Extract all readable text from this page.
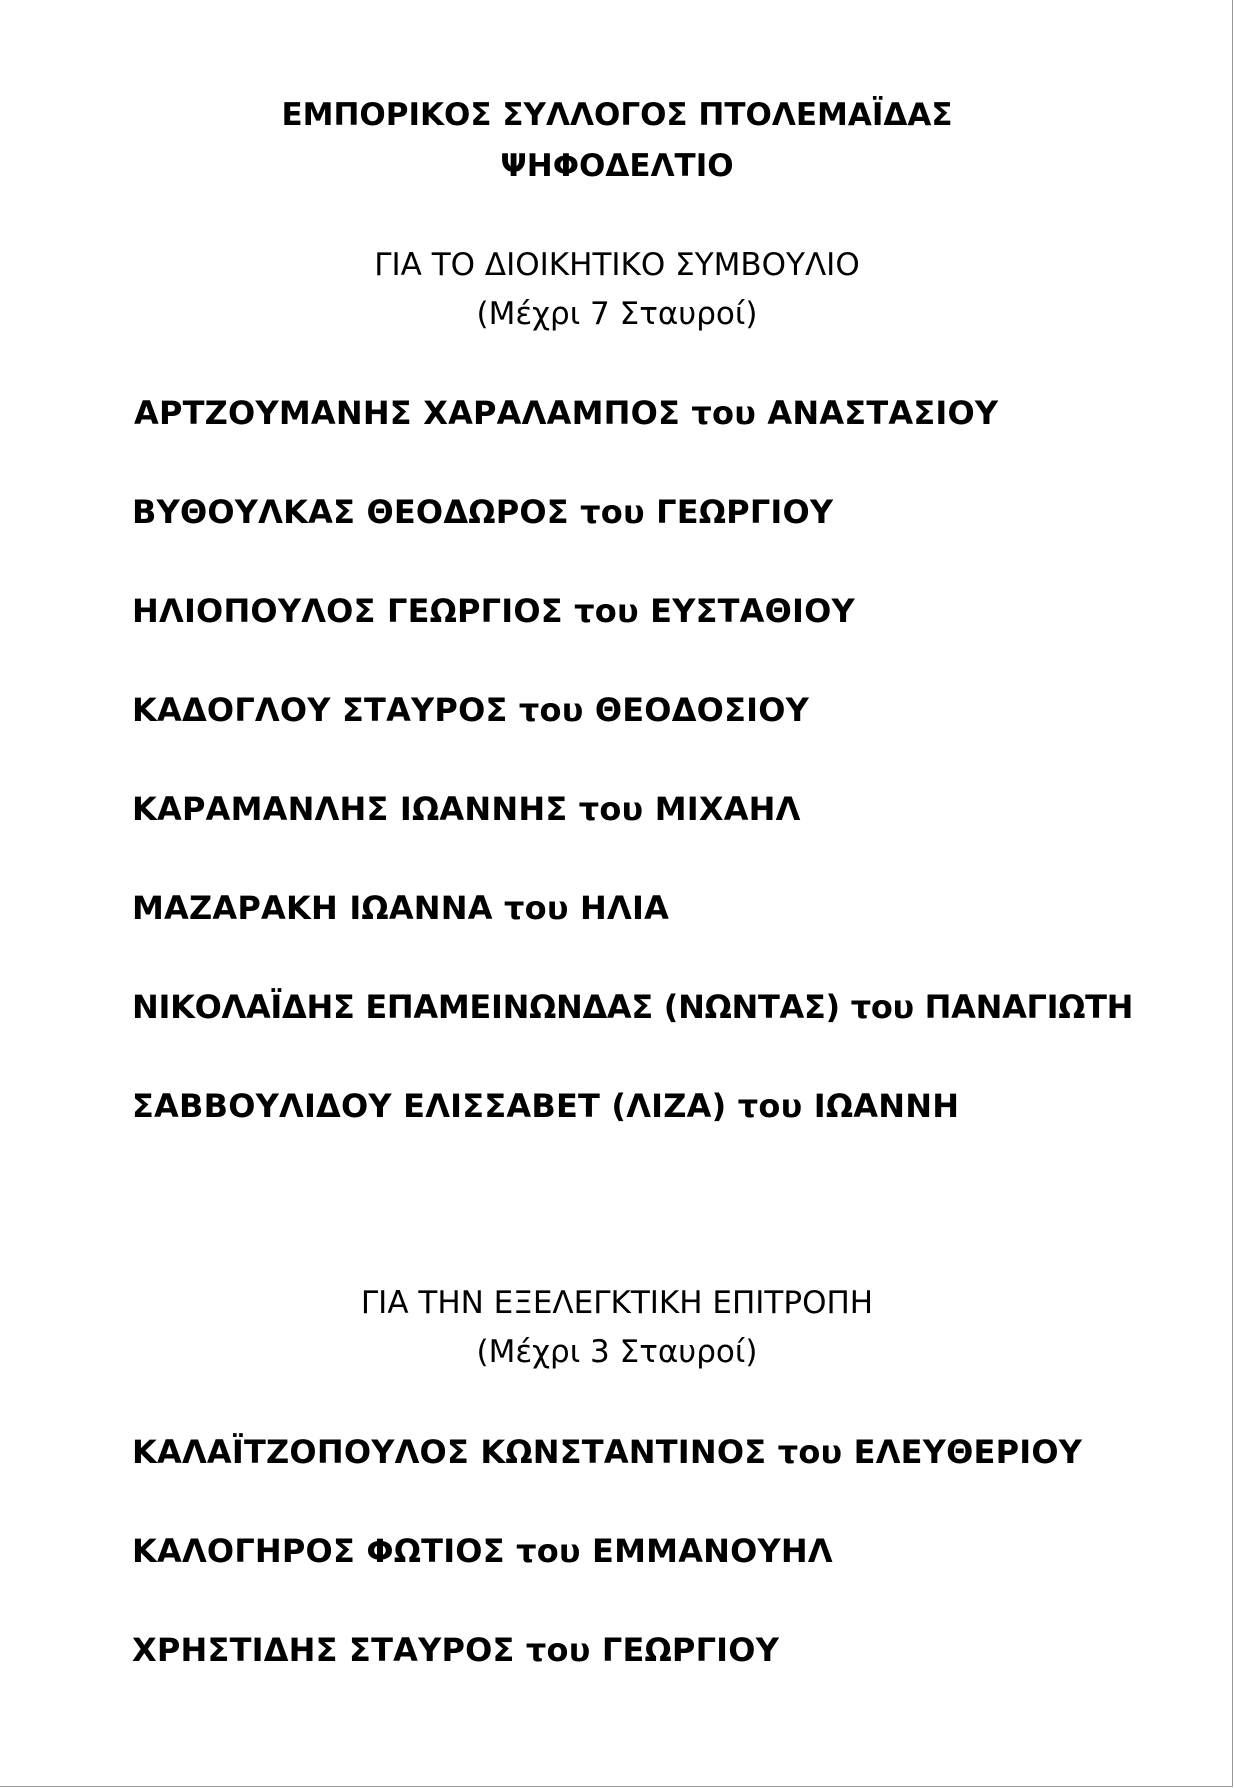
ΕΜΠΟΡΙΚΟΣ ΣΥΛΛΟΓΟΣ ΠΤΟΛΕΜΑΪΔΑΣ
ΨΗΦΟΔΕΛΤΙΟ
ΓΙΑ ΤΟ ΔΙΟΙΚΗΤΙΚΟ ΣΥΜΒΟΥΛΙΟ
(Μέχρι 7 Σταυροί)
ΑΡΤΖΟΥΜΑΝΗΣ ΧΑΡΑΛΑΜΠΟΣ του ΑΝΑΣΤΑΣΙΟΥ
ΒΥΘΟΥΛΚΑΣ ΘΕΟΔΩΡΟΣ του ΓΕΩΡΓΙΟΥ
ΗΛΙΟΠΟΥΛΟΣ ΓΕΩΡΓΙΟΣ του ΕΥΣΤΑΘΙΟΥ
ΚΑΔΟΓΛΟΥ ΣΤΑΥΡΟΣ του ΘΕΟΔΟΣΙΟΥ
ΚΑΡΑΜΑΝΛΗΣ ΙΩΑΝΝΗΣ του ΜΙΧΑΗΛ
ΜΑΖΑΡΑΚΗ ΙΩΑΝΝΑ του ΗΛΙΑ
ΝΙΚΟΛΑΪΔΗΣ ΕΠΑΜΕΙΝΩΝΔΑΣ (ΝΩΝΤΑΣ) του ΠΑΝΑΓΙΩΤΗ
ΣΑΒΒΟΥΛΙΔΟΥ ΕΛΙΣΣΑΒΕΤ (ΛΙΖΑ) του ΙΩΑΝΝΗ
ΓΙΑ ΤΗΝ ΕΞΕΛΕΓΚΤΙΚΗ ΕΠΙΤΡΟΠΗ
(Μέχρι 3 Σταυροί)
ΚΑΛΑΪΤΖΟΠΟΥΛΟΣ ΚΩΝΣΤΑΝΤΙΝΟΣ του ΕΛΕΥΘΕΡΙΟΥ
ΚΑΛΟΓΗΡΟΣ ΦΩΤΙΟΣ του ΕΜΜΑΝΟΥΗΛ
ΧΡΗΣΤΙΔΗΣ ΣΤΑΥΡΟΣ του ΓΕΩΡΓΙΟΥ
